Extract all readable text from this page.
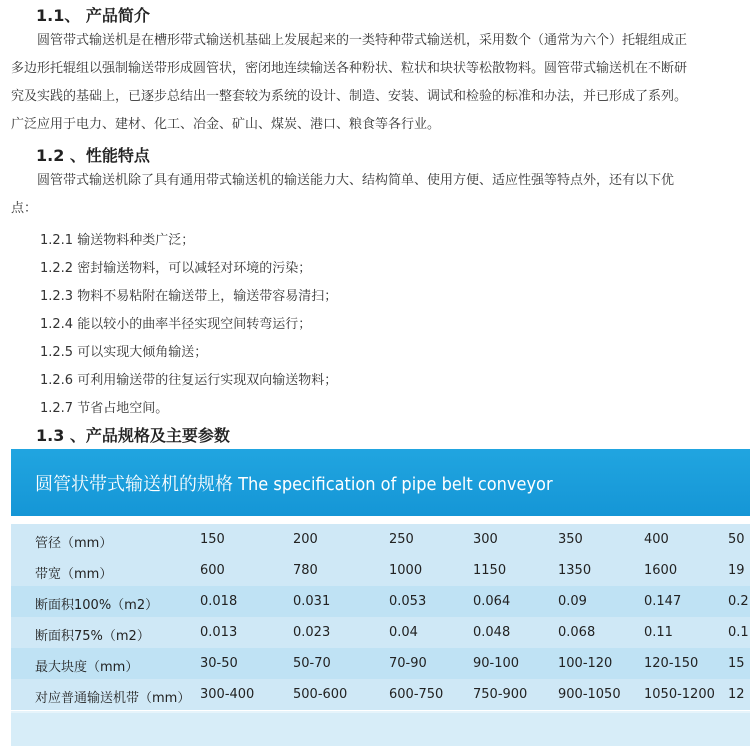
1.1、 产品简介
圆管带式输送机是在槽形带式输送机基础上发展起来的一类特种带式输送机，采用数个（通常为六个）托辊组成正
多边形托辊组以强制输送带形成圆管状，密闭地连续输送各种粉状、粒状和块状等松散物料。圆管带式输送机在不断研
究及实践的基础上，已逐步总结出一整套较为系统的设计、制造、安装、调试和检验的标准和办法，并已形成了系列。
广泛应用于电力、建材、化工、冶金、矿山、煤炭、港口、粮食等各行业。
1.2 、性能特点
圆管带式输送机除了具有通用带式输送机的输送能力大、结构简单、使用方便、适应性强等特点外，还有以下优
点：
1.2.1 输送物料种类广泛；
1.2.2 密封输送物料，可以减轻对环境的污染；
1.2.3 物料不易粘附在输送带上，输送带容易清扫；
1.2.4 能以较小的曲率半径实现空间转弯运行；
1.2.5 可以实现大倾角输送；
1.2.6 可利用输送带的往复运行实现双向输送物料；
1.2.7 节省占地空间。
1.3 、产品规格及主要参数
圆管状带式输送机的规格 The specification of pipe belt conveyor
管径（mm）	150	200	250	300	350	400	50
带宽（mm）	600	780	1000	1150	1350	1600	19
断面积100%（m2）	0.018	0.031	0.053	0.064	0.09	0.147	0.2
断面积75%（m2）	0.013	0.023	0.04	0.048	0.068	0.11	0.1
最大块度（mm）	30-50	50-70	70-90	90-100	100-120 120-150 15
对应普通输送机带（mm） 300-400	500-600	600-750 750-900 900-1050 1050-1200 12
